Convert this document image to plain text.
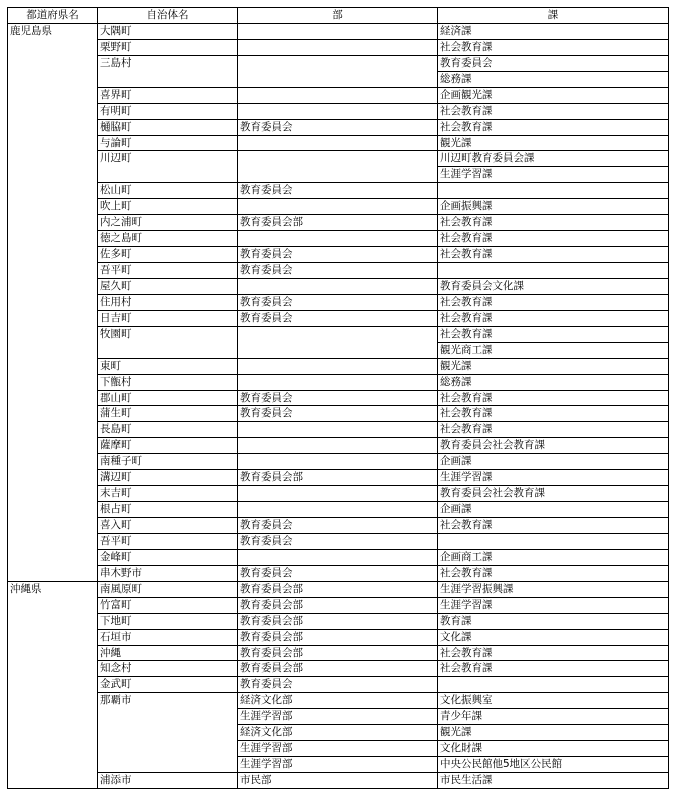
都道府県名	自治体名	部	課
鹿児島県	大隅町		経済課
	栗野町		社会教育課
	三島村		教育委員会
			総務課
	喜界町		企画観光課
	有明町		社会教育課
	樋脇町	教育委員会	社会教育課
	与論町		観光課
	川辺町		川辺町教育委員会課
			生涯学習課
	松山町	教育委員会	
	吹上町		企画振興課
	内之浦町	教育委員会部	社会教育課
	徳之島町		社会教育課
	佐多町	教育委員会	社会教育課
	吾平町	教育委員会	
	屋久町		教育委員会文化課
	住用村	教育委員会	社会教育課
	日吉町	教育委員会	社会教育課
	牧園町		社会教育課
			観光商工課
	東町		観光課
	下甑村		総務課
	郡山町	教育委員会	社会教育課
	蒲生町	教育委員会	社会教育課
	長島町		社会教育課
	薩摩町		教育委員会社会教育課
	南種子町		企画課
	溝辺町	教育委員会部	生涯学習課
	末吉町		教育委員会社会教育課
	根占町		企画課
	喜入町	教育委員会	社会教育課
	吾平町	教育委員会	
	金峰町		企画商工課
	串木野市	教育委員会	社会教育課
沖縄県	南風原町	教育委員会部	生涯学習振興課
	竹富町	教育委員会部	生涯学習課
	下地町	教育委員会部	教育課
	石垣市	教育委員会部	文化課
	沖縄	教育委員会部	社会教育課
	知念村	教育委員会部	社会教育課
	金武町	教育委員会	
	那覇市	経済文化部	文化振興室
		生涯学習部	青少年課
		経済文化部	観光課
		生涯学習部	文化財課
		生涯学習部	中央公民館他5地区公民館
	浦添市	市民部	市民生活課
